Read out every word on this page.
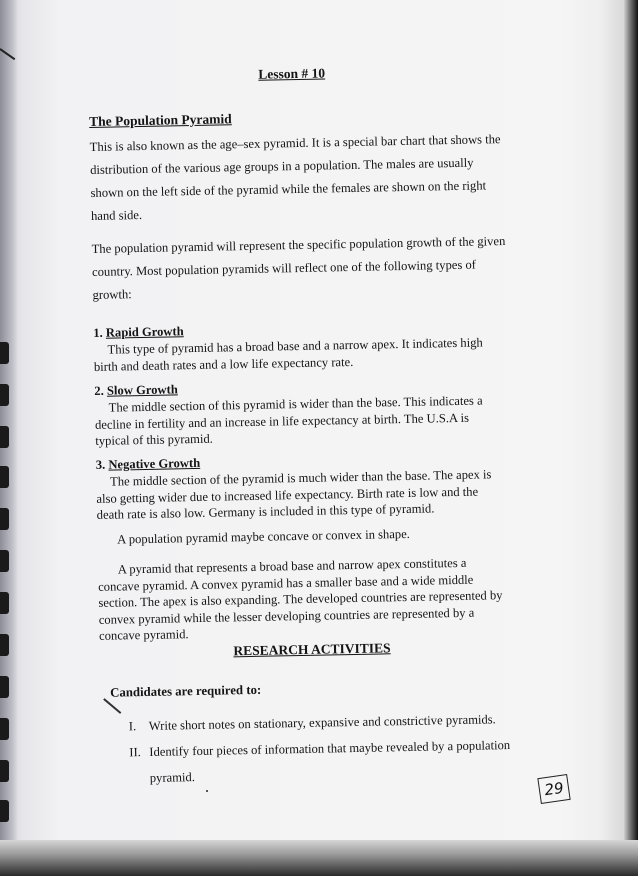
Lesson # 10
The Population Pyramid

This is also known as the age–sex pyramid. It is a special bar chart that shows the distribution of the various age groups in a population. The males are usually shown on the left side of the pyramid while the females are shown on the right hand side.

The population pyramid will represent the specific population growth of the given country. Most population pyramids will reflect one of the following types of growth:

1. Rapid Growth

This type of pyramid has a broad base and a narrow apex. It indicates high birth and death rates and a low life expectancy rate.

2. Slow Growth

The middle section of this pyramid is wider than the base. This indicates a decline in fertility and an increase in life expectancy at birth. The U.S.A is typical of this pyramid.

3. Negative Growth

The middle section of the pyramid is much wider than the base. The apex is also getting wider due to increased life expectancy. Birth rate is low and the death rate is also low. Germany is included in this type of pyramid.

A population pyramid maybe concave or convex in shape.

A pyramid that represents a broad base and narrow apex constitutes a concave pyramid. A convex pyramid has a smaller base and a wide middle section. The apex is also expanding. The developed countries are represented by convex pyramid while the lesser developing countries are represented by a concave pyramid.

RESEARCH ACTIVITIES
Candidates are required to:
I. Write short notes on stationary, expansive and constrictive pyramids.
II. Identify four pieces of information that maybe revealed by a population
pyramid.
29
